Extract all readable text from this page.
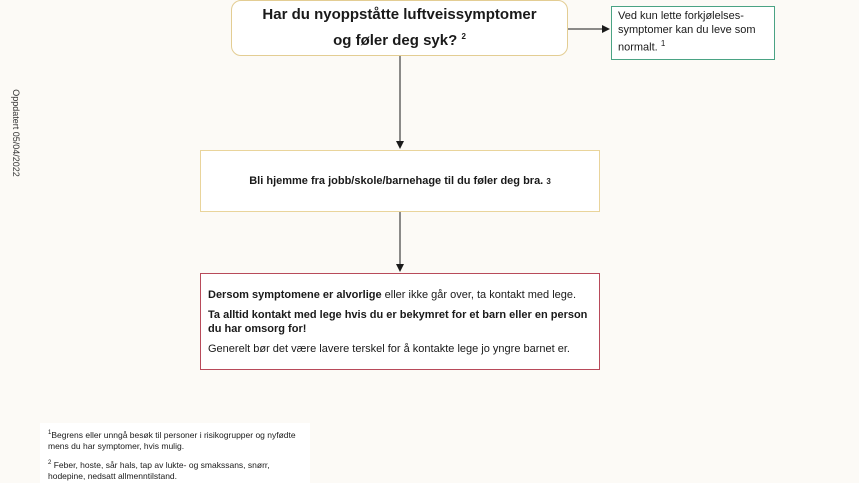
Oppdatert 05/04/2022
Har du nyoppståtte luftveissymptomer
og føler deg syk? $^2$
Ved kun lette forkjølelses-symptomer kan du leve som normalt. $^1$
Bli hjemme fra jobb/skole/barnehage til du føler deg bra.
3

Dersom symptomene er alvorlige eller ikke går over, ta kontakt med lege.

Ta alltid kontakt med lege hvis du er bekymret for et barn eller en person du har omsorg for!

Generelt bør det være lavere terskel for å kontakte lege jo yngre barnet er.

$^1$Begrens eller unngå besøk til personer i risikogrupper og nyfødte mens du har symptomer, hvis mulig.

$^2$ Feber, hoste, sår hals, tap av lukte- og smakssans, snørr, hodepine, nedsatt allmenntilstand.
